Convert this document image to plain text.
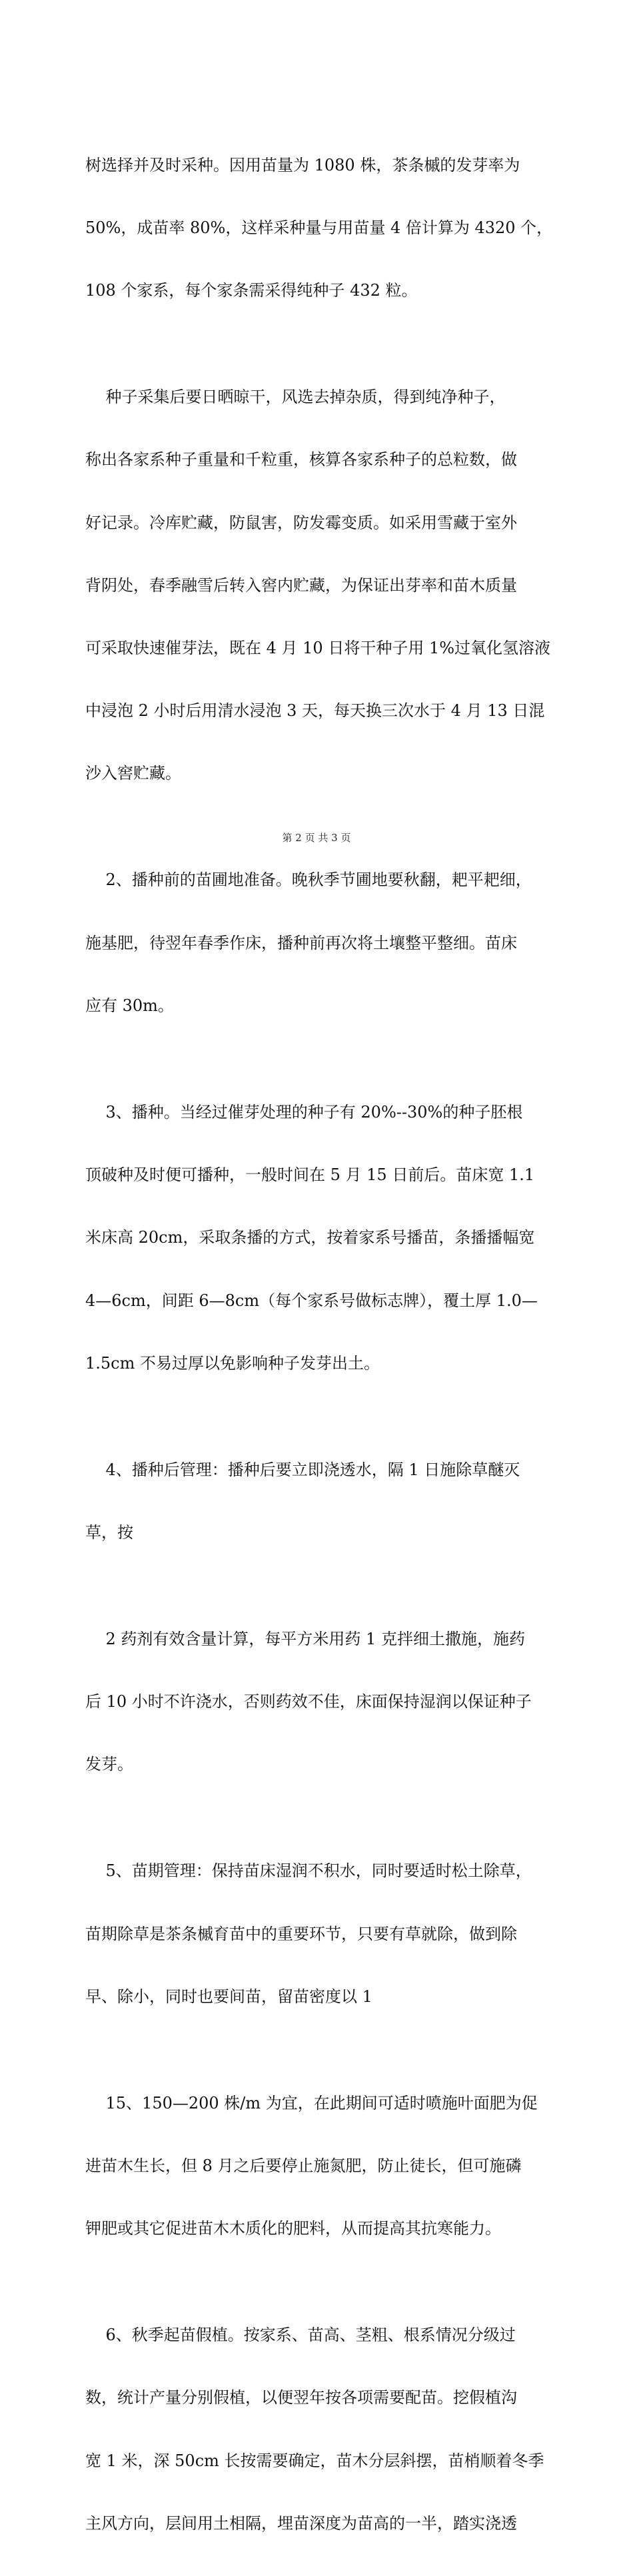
树选择并及时采种。因用苗量为 1080 株，茶条槭的发芽率为

50%，成苗率 80%，这样采种量与用苗量 4 倍计算为 4320 个，

108 个家系，每个家条需采得纯种子 432 粒。

种子采集后要日晒晾干，风选去掉杂质，得到纯净种子，

称出各家系种子重量和千粒重，核算各家系种子的总粒数，做

好记录。冷库贮藏，防鼠害，防发霉变质。如采用雪藏于室外

背阴处，春季融雪后转入窖内贮藏，为保证出芽率和苗木质量

可采取快速催芽法，既在 4 月 10 日将干种子用 1%过氧化氢溶液

中浸泡 2 小时后用清水浸泡 3 天，每天换三次水于 4 月 13 日混

沙入窖贮藏。

2、播种前的苗圃地准备。晚秋季节圃地要秋翻，耙平耙细，

施基肥，待翌年春季作床，播种前再次将土壤整平整细。苗床

应有 30m。

3、播种。当经过催芽处理的种子有 20%--30%的种子胚根

顶破种及时便可播种，一般时间在 5 月 15 日前后。苗床宽 1.1

米床高 20cm，采取条播的方式，按着家系号播苗，条播播幅宽

4—6cm，间距 6—8cm（每个家系号做标志牌），覆土厚 1.0—

1.5cm 不易过厚以免影响种子发芽出土。

4、播种后管理：播种后要立即浇透水，隔 1 日施除草醚灭

草，按

2 药剂有效含量计算，每平方米用药 1 克拌细土撒施，施药

后 10 小时不许浇水，否则药效不佳，床面保持湿润以保证种子

发芽。

5、苗期管理：保持苗床湿润不积水，同时要适时松土除草，

苗期除草是茶条槭育苗中的重要环节，只要有草就除，做到除

早、除小，同时也要间苗，留苗密度以 1

15、150—200 株/m 为宜，在此期间可适时喷施叶面肥为促

进苗木生长，但 8 月之后要停止施氮肥，防止徒长，但可施磷

钾肥或其它促进苗木木质化的肥料，从而提高其抗寒能力。

6、秋季起苗假植。按家系、苗高、茎粗、根系情况分级过

数，统计产量分别假植，以便翌年按各项需要配苗。挖假植沟

宽 1 米，深 50cm 长按需要确定，苗木分层斜摆，苗梢顺着冬季

主风方向，层间用土相隔，埋苗深度为苗高的一半，踏实浇透

第 2 页 共 3 页
